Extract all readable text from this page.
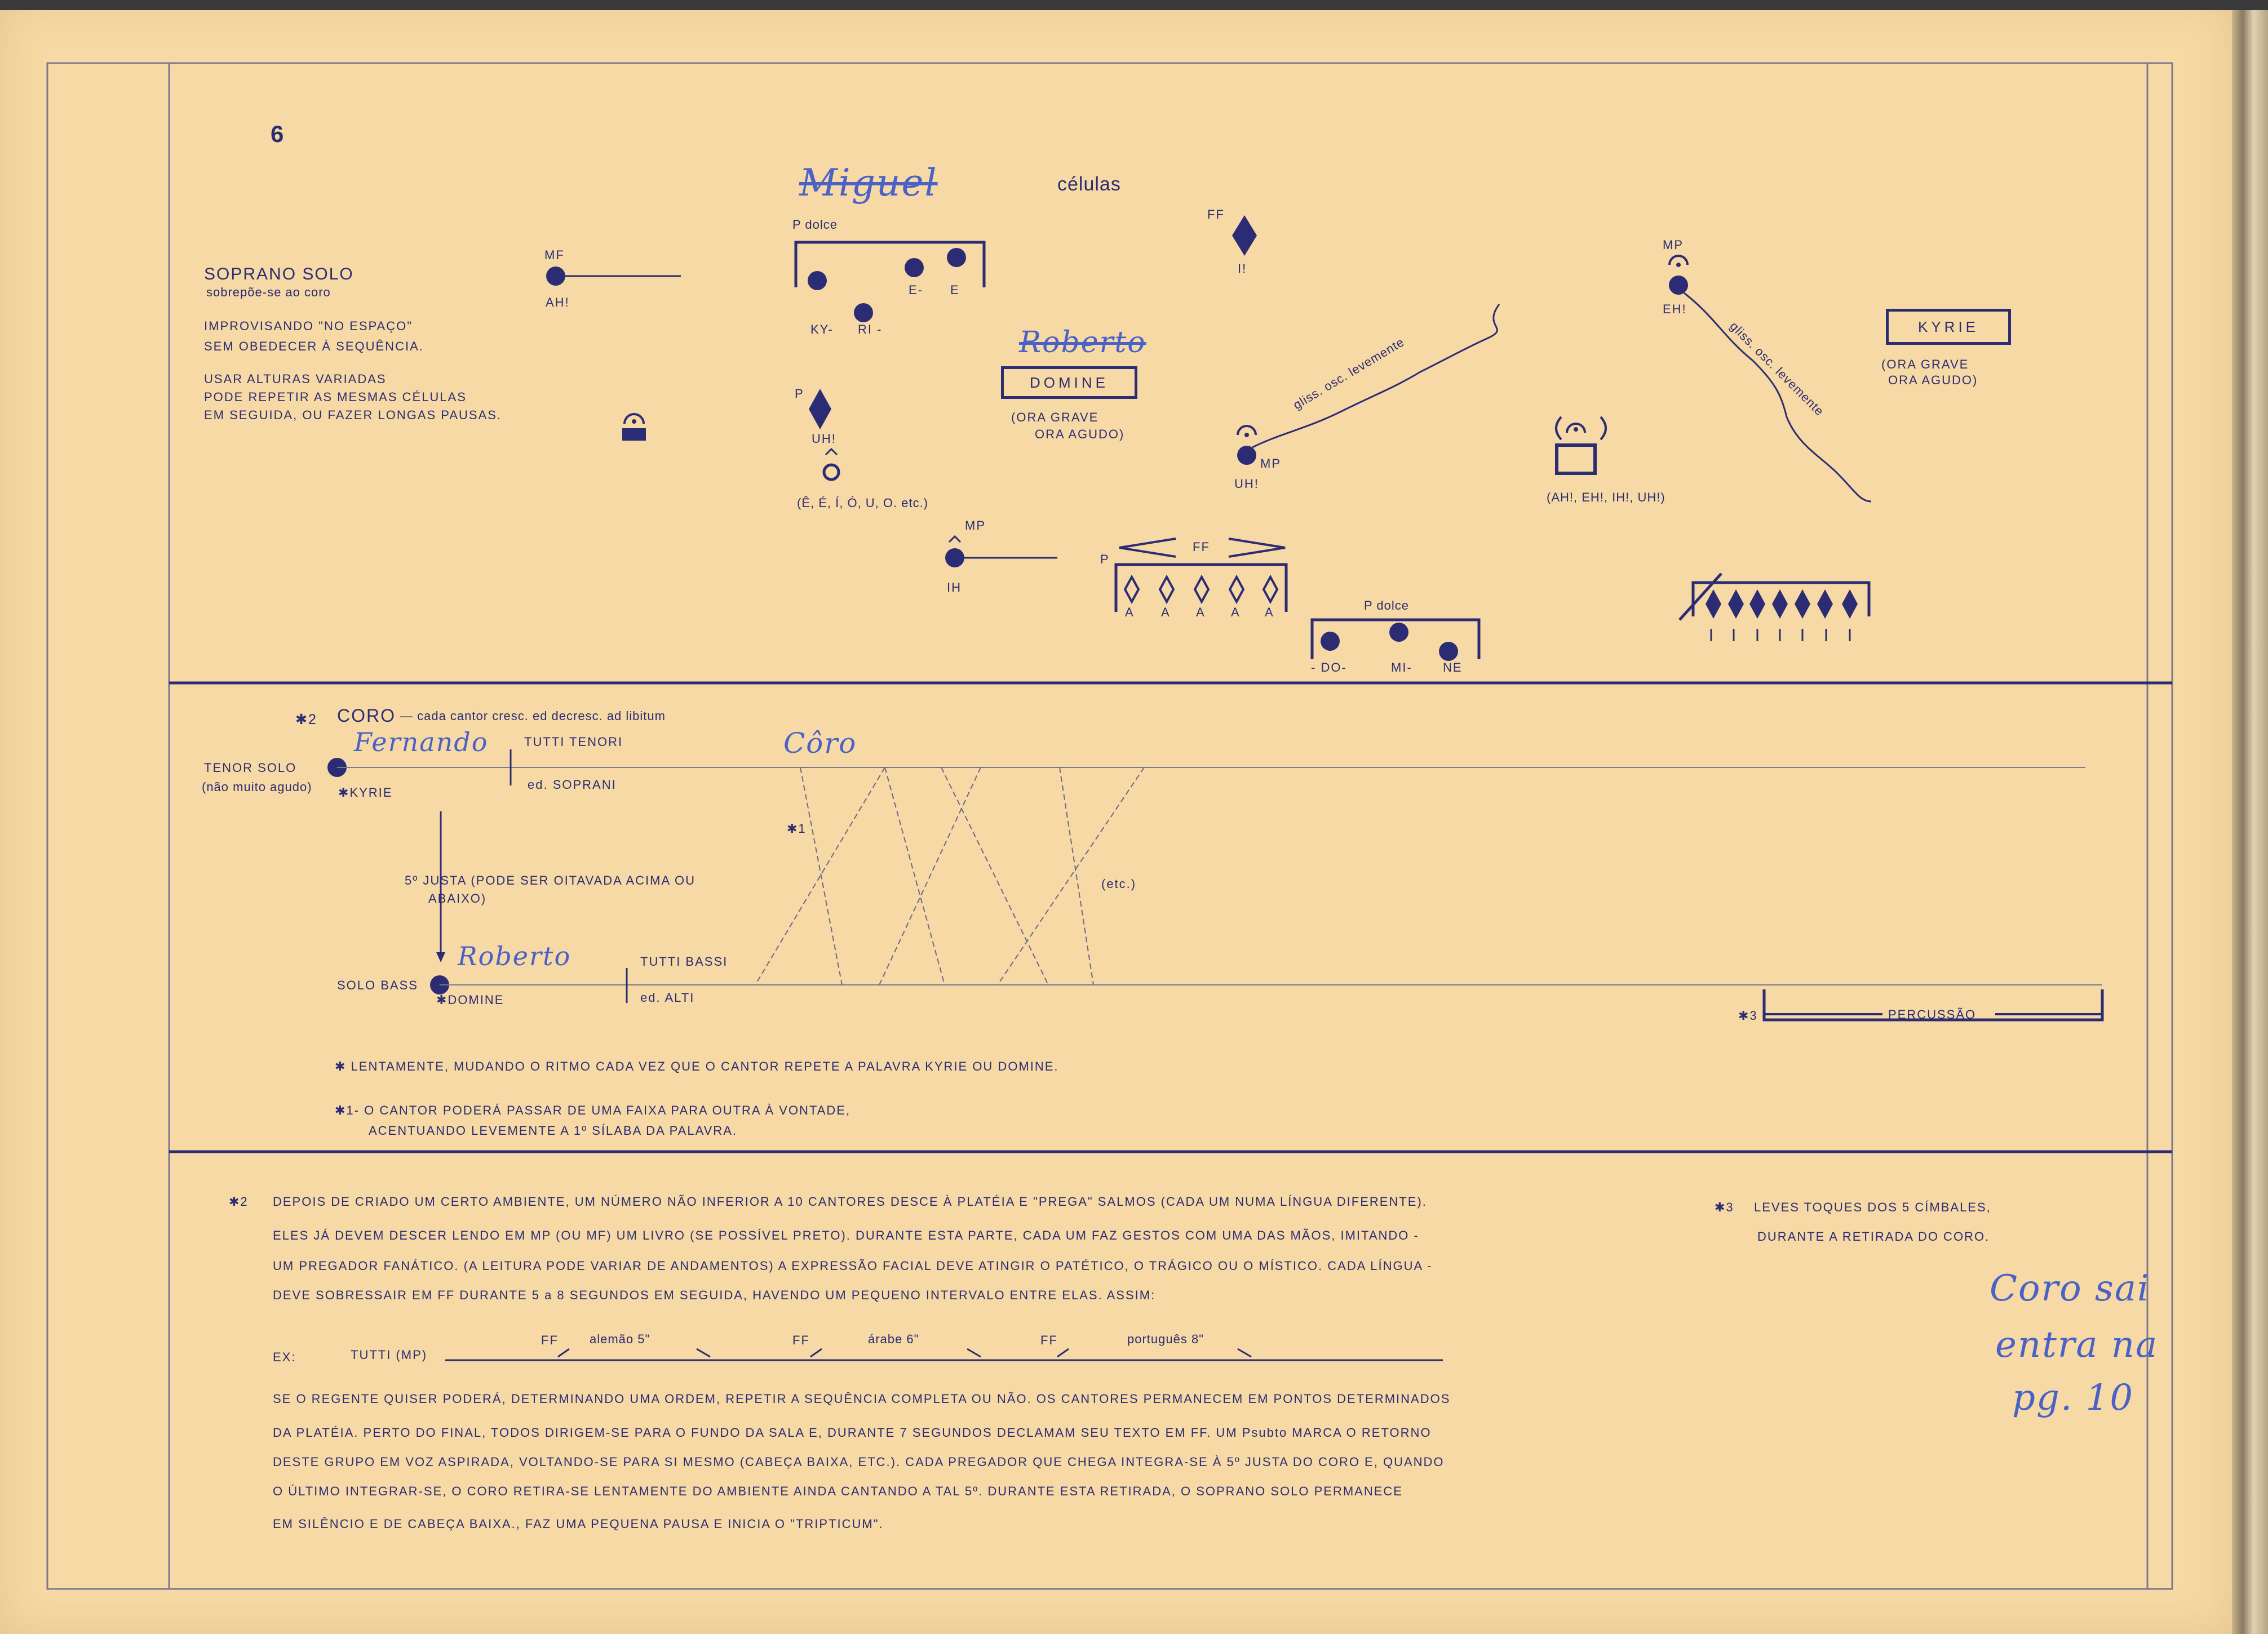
6
Miguel	células
SOPRANO SOLO
sobrepõe-se ao coro
IMPROVISANDO "NO ESPAÇO"
SEM OBEDECER À SEQUÊNCIA.
USAR ALTURAS VARIADAS
PODE REPETIR AS MESMAS CÉLULAS
EM SEGUIDA, OU FAZER LONGAS PAUSAS.
MF
AH!
P dolce
KY- RI -
E- E
P
UH!
(Ê, É, Í, Ó, U, O. etc.)
MP
IH
Roberto
DOMINE
(ORA GRAVE
ORA AGUDO)
P
FF
A A A A A	P dolce
- DO-	MI- NE
FF
I!
UH!
MP
gliss. osc. levemente
(AH!, EH!, IH!, UH!)
MP
EH!
gliss. osc. levemente	KYRIE
(ORA GRAVE
ORA AGUDO)
✱2 CORO — cada cantor cresc. ed decresc. ad libitum
TENOR SOLO
(não muito agudo)
Fernando
✱KYRIE
TUTTI TENORI
ed. SOPRANI
Côro
✱1
5º JUSTA (PODE SER OITAVADA ACIMA OU
ABAIXO)
(etc.)
SOLO BASS
Roberto
✱DOMINE
TUTTI BASSI
ed. ALTI
✱3	PERCUSSÃO
✱ LENTAMENTE, MUDANDO O RITMO CADA VEZ QUE O CANTOR REPETE A PALAVRA KYRIE OU DOMINE.
✱1- O CANTOR PODERÁ PASSAR DE UMA FAIXA PARA OUTRA À VONTADE,
ACENTUANDO LEVEMENTE A 1º SÍLABA DA PALAVRA.
✱2 DEPOIS DE CRIADO UM CERTO AMBIENTE, UM NÚMERO NÃO INFERIOR A 10 CANTORES DESCE À PLATÉIA E "PREGA" SALMOS (CADA UM NUMA LÍNGUA DIFERENTE).
ELES JÁ DEVEM DESCER LENDO EM MP (OU MF) UM LIVRO (SE POSSÍVEL PRETO). DURANTE ESTA PARTE, CADA UM FAZ GESTOS COM UMA DAS MÃOS, IMITANDO -
UM PREGADOR FANÁTICO. (A LEITURA PODE VARIAR DE ANDAMENTOS) A EXPRESSÃO FACIAL DEVE ATINGIR O PATÉTICO, O TRÁGICO OU O MÍSTICO. CADA LÍNGUA -
DEVE SOBRESSAIR EM FF DURANTE 5 a 8 SEGUNDOS EM SEGUIDA, HAVENDO UM PEQUENO INTERVALO ENTRE ELAS. ASSIM:
EX:	TUTTI (MP)
FF	alemão 5"	FF	árabe 6"	FF	português 8"
SE O REGENTE QUISER PODERÁ, DETERMINANDO UMA ORDEM, REPETIR A SEQUÊNCIA COMPLETA OU NÃO. OS CANTORES PERMANECEM EM PONTOS DETERMINADOS
DA PLATÉIA. PERTO DO FINAL, TODOS DIRIGEM-SE PARA O FUNDO DA SALA E, DURANTE 7 SEGUNDOS DECLAMAM SEU TEXTO EM FF. UM Psubto MARCA O RETORNO
DESTE GRUPO EM VOZ ASPIRADA, VOLTANDO-SE PARA SI MESMO (CABEÇA BAIXA, ETC.). CADA PREGADOR QUE CHEGA INTEGRA-SE À 5º JUSTA DO CORO E, QUANDO
O ÚLTIMO INTEGRAR-SE, O CORO RETIRA-SE LENTAMENTE DO AMBIENTE AINDA CANTANDO A TAL 5º. DURANTE ESTA RETIRADA, O SOPRANO SOLO PERMANECE
EM SILÊNCIO E DE CABEÇA BAIXA., FAZ UMA PEQUENA PAUSA E INICIA O "TRIPTICUM".
✱3 LEVES TOQUES DOS 5 CÍMBALES,
DURANTE A RETIRADA DO CORO.
Coro sai
entra na
pg. 10
